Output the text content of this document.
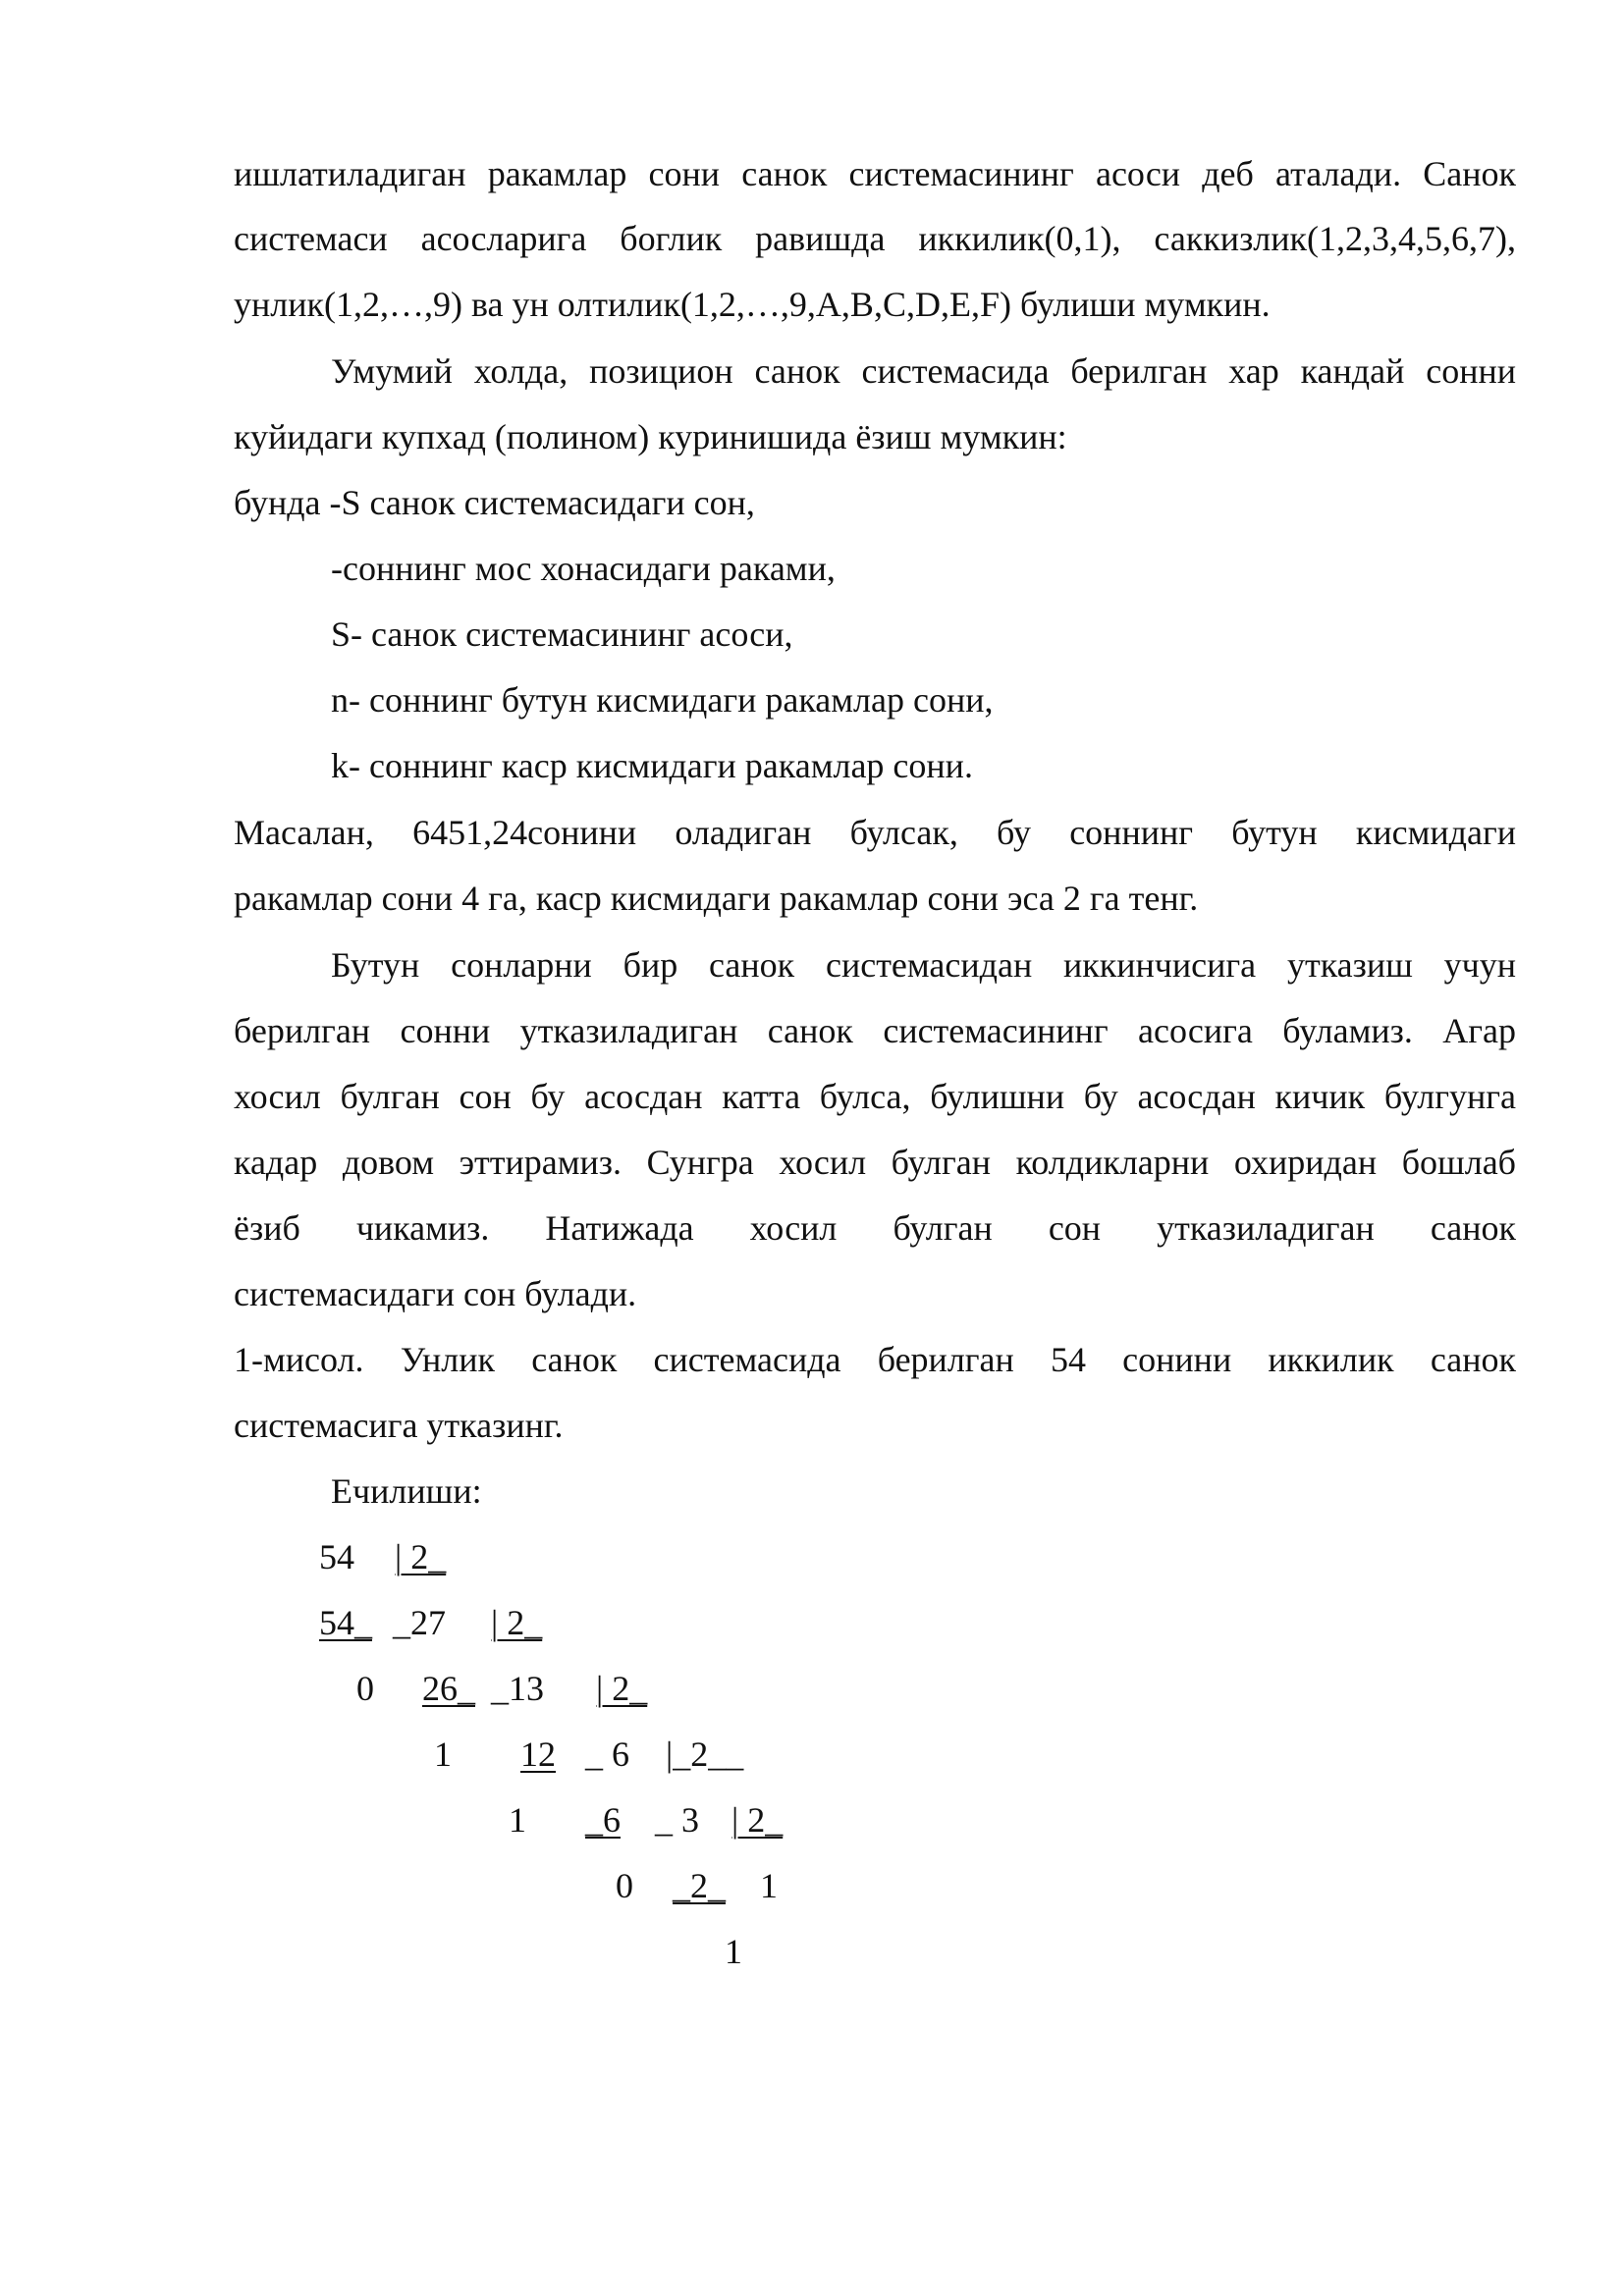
ишлатиладиган ракамлар сони санок системасининг асоси деб аталади. Санок
системаси асосларига боглик равишда иккилик(0,1), саккизлик(1,2,3,4,5,6,7),
унлик(1,2,…,9) ва ун олтилик(1,2,…,9,A,B,C,D,E,F) булиши мумкин.
Умумий холда, позицион санок системасида берилган хар кандай сонни
куйидаги купхад (полином) куринишида ёзиш мумкин:
бунда -S санок системасидаги сон,
-соннинг мос хонасидаги раками,
S- санок системасининг асоси,
n- соннинг бутун кисмидаги ракамлар сони,
k- соннинг каср кисмидаги ракамлар сони.
Масалан, 6451,24сонини оладиган булсак, бу соннинг бутун кисмидаги
ракамлар сони 4 га, каср кисмидаги ракамлар сони эса 2 га тенг.
Бутун сонларни бир санок системасидан иккинчисига утказиш учун
берилган сонни утказиладиган санок системасининг асосига буламиз. Агар
хосил булган сон бу асосдан катта булса, булишни бу асосдан кичик булгунга
кадар довом эттирамиз. Сунгра хосил булган колдикларни охиридан бошлаб
ёзиб чикамиз. Натижада хосил булган сон утказиладиган санок
системасидаги сон булади.
1-мисол. Унлик санок системасида берилган 54 сонини иккилик санок
системасига утказинг.
Ечилиши:
54 | 2_
54_ _27 | 2_
0 26_ _13 | 2_
1 12 _ 6 |_2__
1 _6 _ 3 | 2_
0 _2_ 1
1
